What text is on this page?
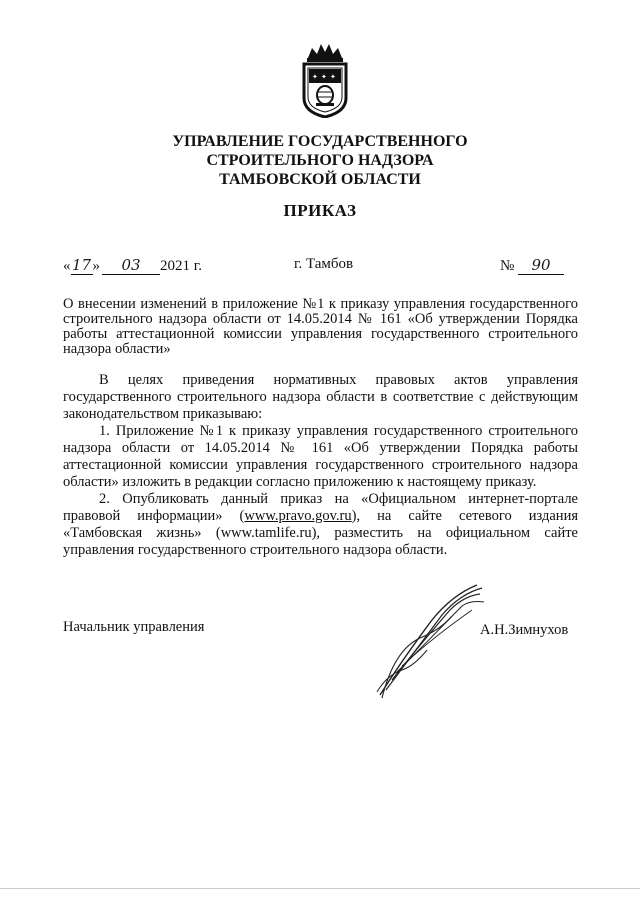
✦ ✦ ✦
УПРАВЛЕНИЕ ГОСУДАРСТВЕННОГО
СТРОИТЕЛЬНОГО НАДЗОРА
ТАМБОВСКОЙ ОБЛАСТИ
ПРИКАЗ
«17» 03 2021 г.	г. Тамбов	№ 90
О внесении изменений в приложение №1 к приказу управления государственного строительного надзора области от 14.05.2014 № 161 «Об утверждении Порядка работы аттестационной комиссии управления государственного строительного надзора области»

В целях приведения нормативных правовых актов управления государственного строительного надзора области в соответствие с действующим законодательством приказываю:

1. Приложение №1 к приказу управления государственного строительного надзора области от 14.05.2014 № 161 «Об утверждении Порядка работы аттестационной комиссии управления государственного строительного надзора области» изложить в редакции согласно приложению к настоящему приказу.

2. Опубликовать данный приказ на «Официальном интернет-портале правовой информации» (www.pravo.gov.ru), на сайте сетевого издания «Тамбовская жизнь» (www.tamlife.ru), разместить на официальном сайте управления государственного строительного надзора области.

Начальник управления	А.Н.Зимнухов
